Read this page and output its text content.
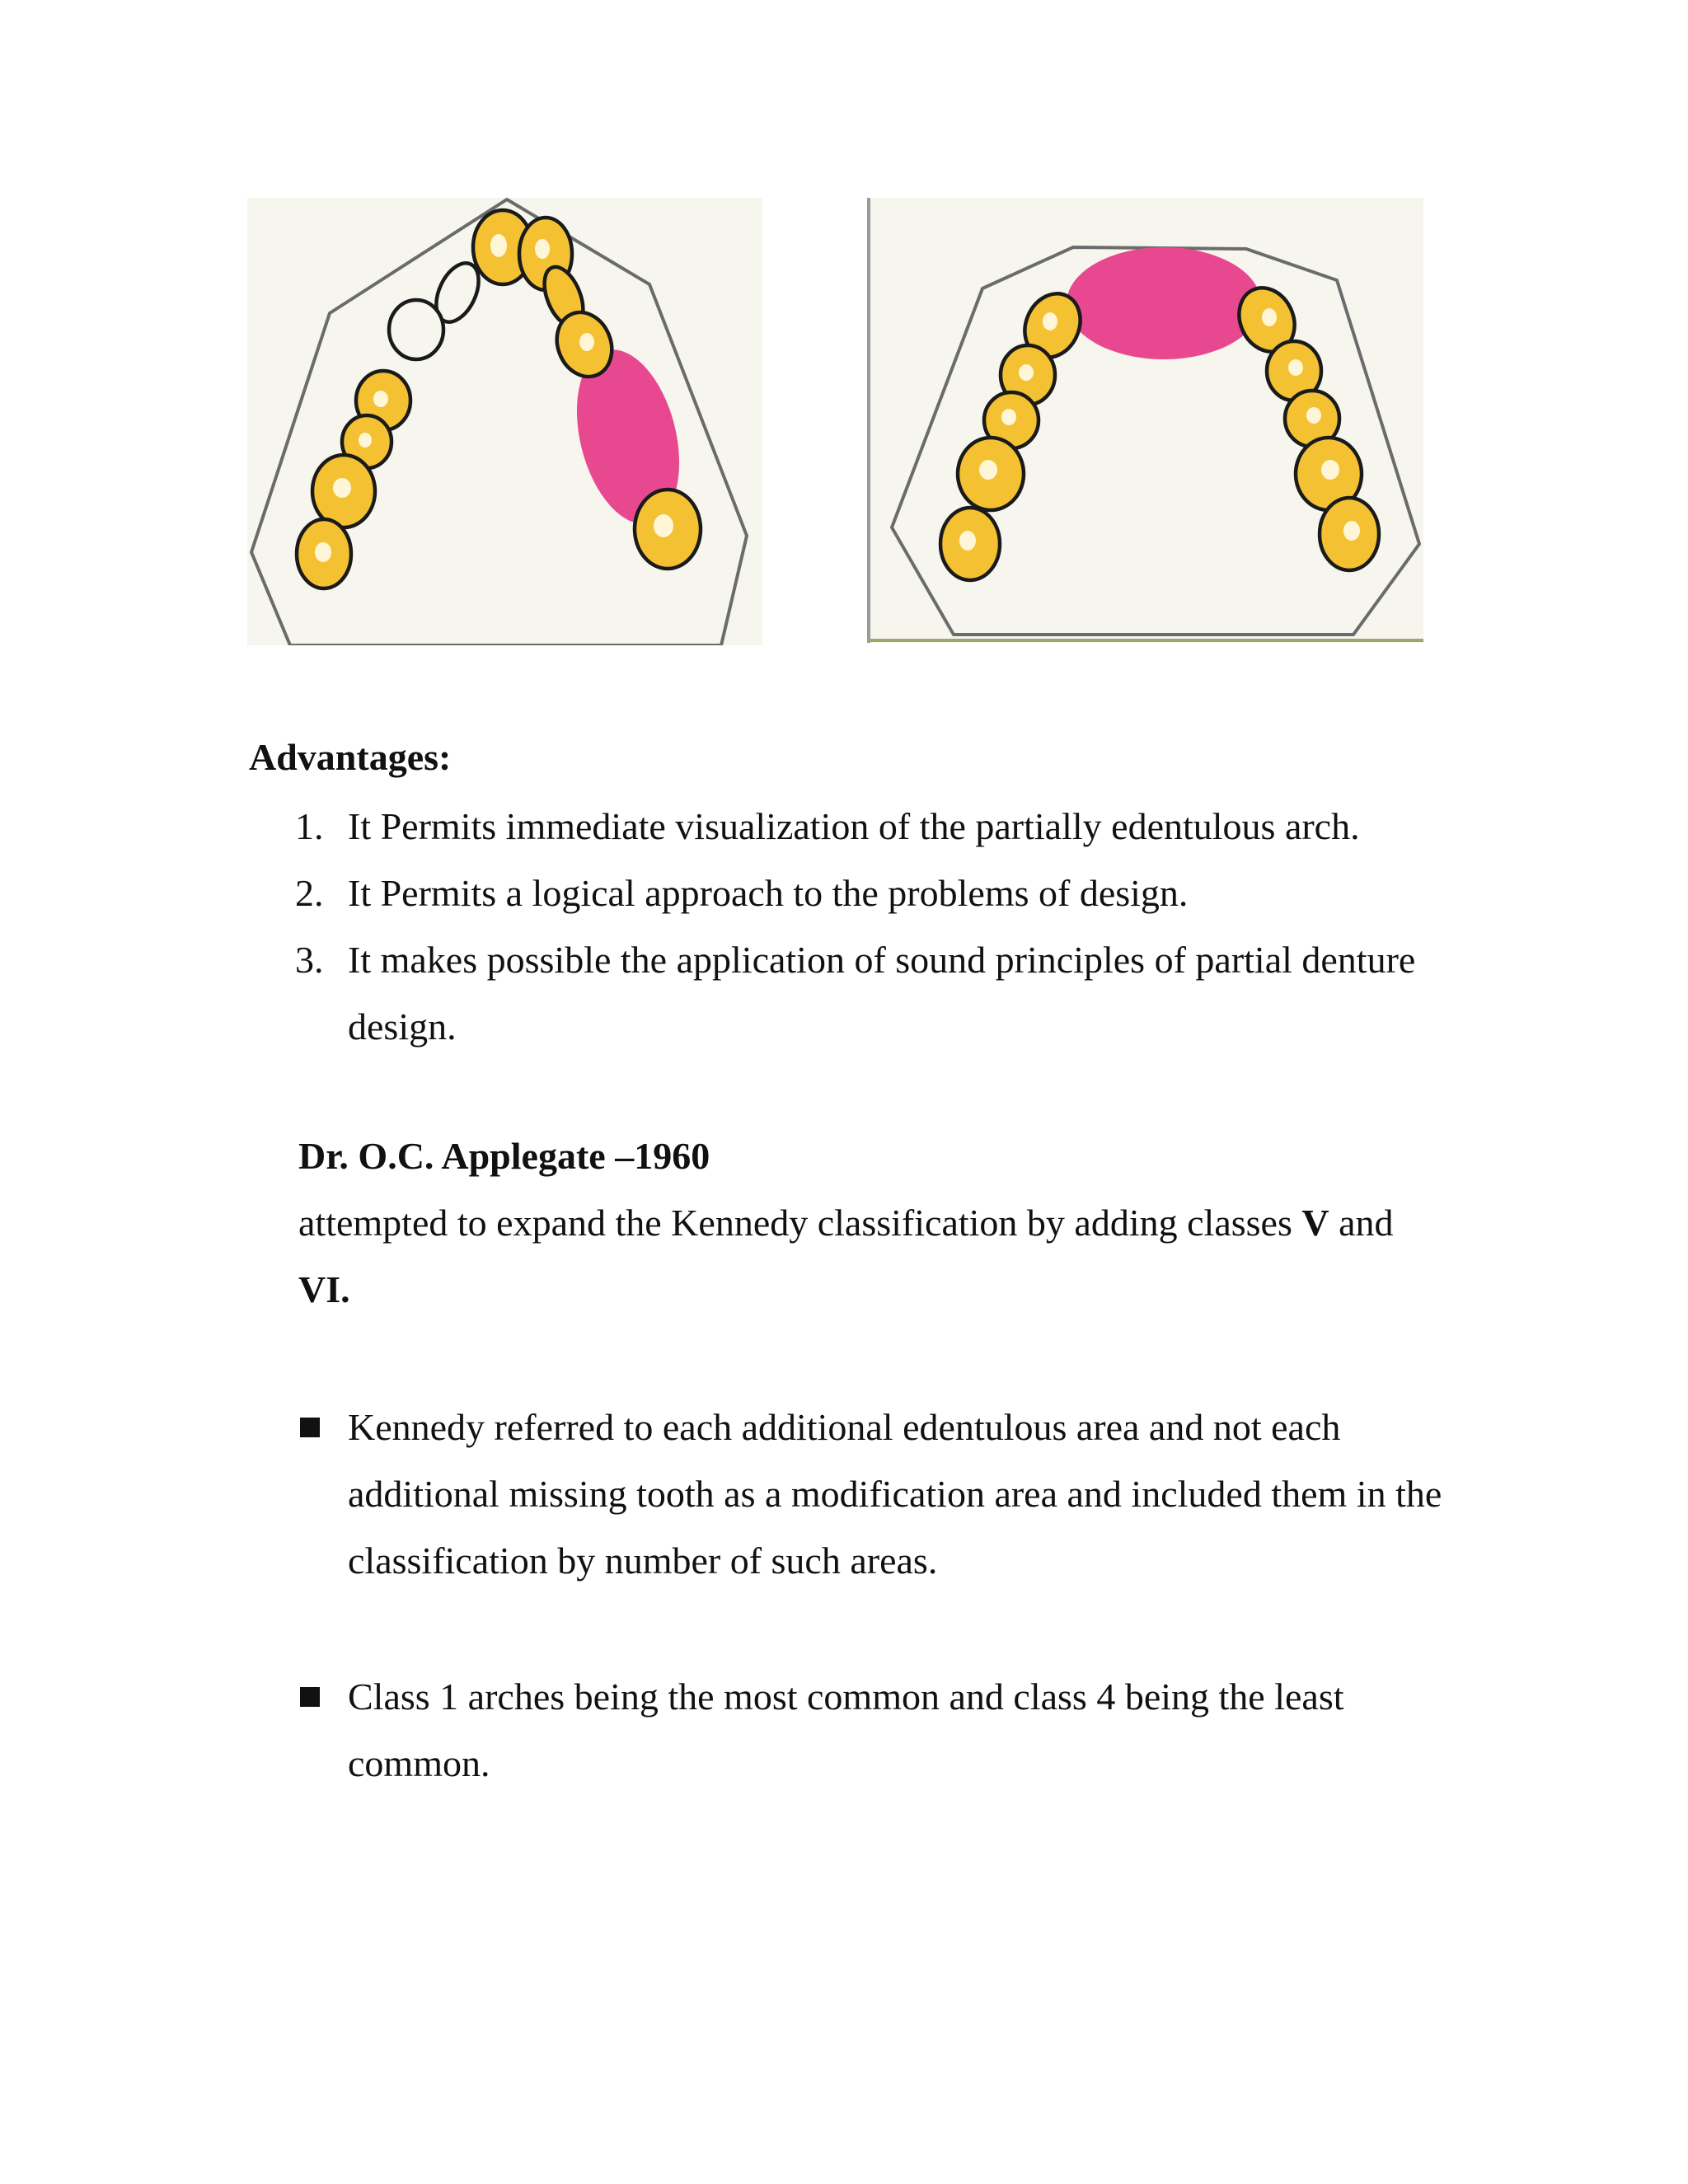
Advantages:
1. It Permits immediate visualization of the partially edentulous arch.
2. It Permits a logical approach to the problems of design.
3. It makes possible the application of sound principles of partial denture design.
Dr. O.C. Applegate –1960
attempted to expand the Kennedy classification by adding classes V and VI.
Kennedy referred to each additional edentulous area and not each additional missing tooth as a modification area and included them in the classification by number of such areas.
Class 1 arches being the most common and class 4 being the least common.
